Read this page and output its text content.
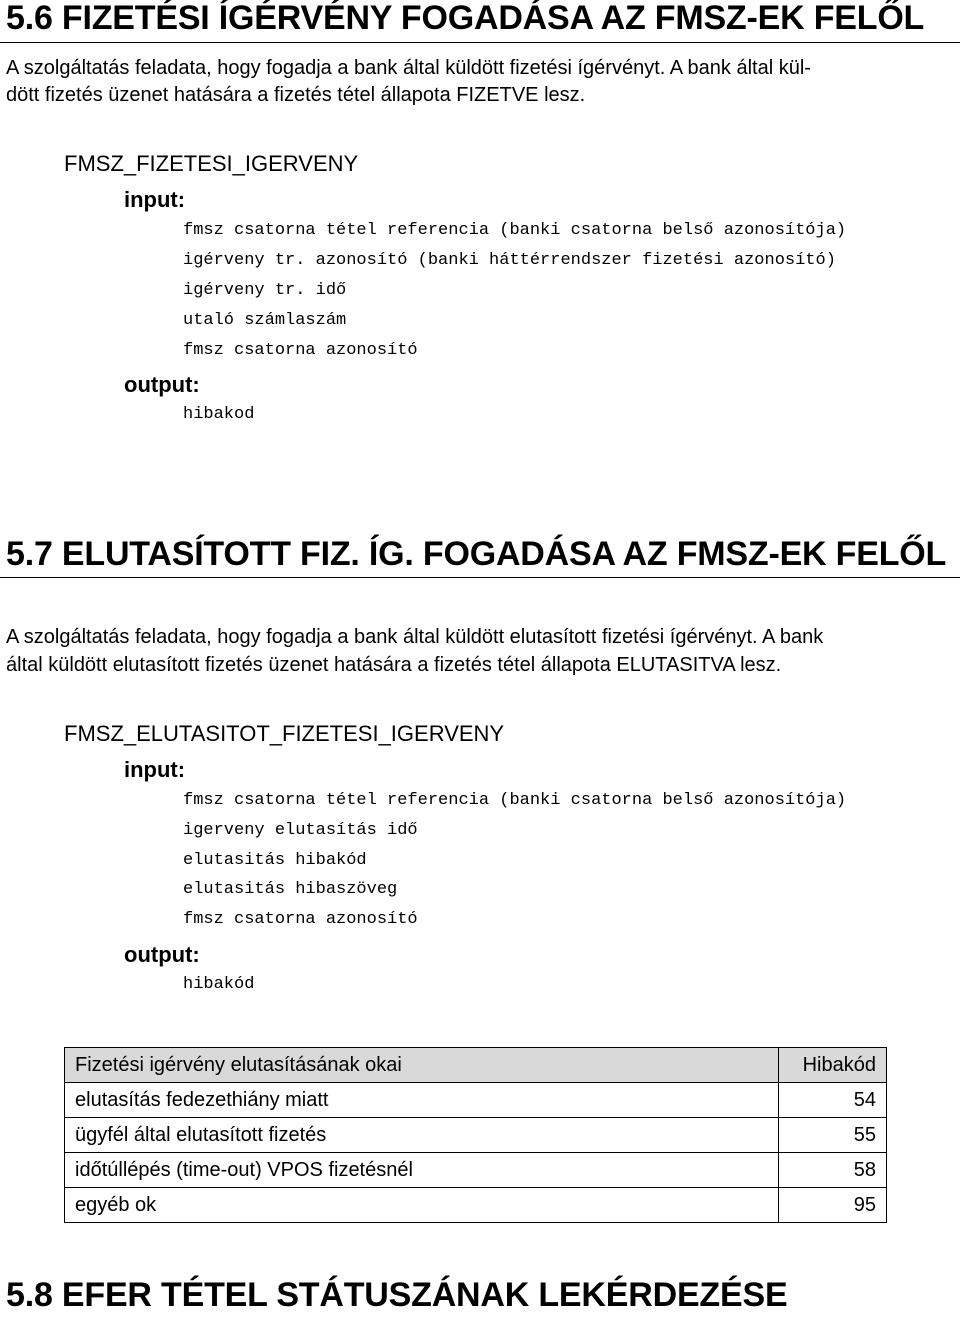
5.6 FIZETÉSI ÍGÉRVÉNY FOGADÁSA AZ FMSZ-EK FELŐL
A szolgáltatás feladata, hogy fogadja a bank által küldött fizetési ígérvényt. A bank által kül-
dött fizetés üzenet hatására a fizetés tétel állapota FIZETVE lesz.
FMSZ_FIZETESI_IGERVENY
input:
fmsz csatorna tétel referencia (banki csatorna belső azonosítója)
igérveny tr. azonosító (banki háttérrendszer fizetési azonosító)
igérveny tr. idő
utaló számlaszám
fmsz csatorna azonosító
output:
hibakod
5.7 ELUTASÍTOTT FIZ. ÍG. FOGADÁSA AZ FMSZ-EK FELŐL
A szolgáltatás feladata, hogy fogadja a bank által küldött elutasított fizetési ígérvényt. A bank
által küldött elutasított fizetés üzenet hatására a fizetés tétel állapota ELUTASITVA lesz.
FMSZ_ELUTASITOT_FIZETESI_IGERVENY
input:
fmsz csatorna tétel referencia (banki csatorna belső azonosítója)
igerveny elutasítás idő
elutasitás hibakód
elutasitás hibaszöveg
fmsz csatorna azonosító
output:
hibakód
Fizetési igérvény elutasításának okai	Hibakód
elutasítás fedezethiány miatt	54
ügyfél által elutasított fizetés	55
időtúllépés (time-out) VPOS fizetésnél	58
egyéb ok	95
5.8 EFER TÉTEL STÁTUSZÁNAK LEKÉRDEZÉSE
